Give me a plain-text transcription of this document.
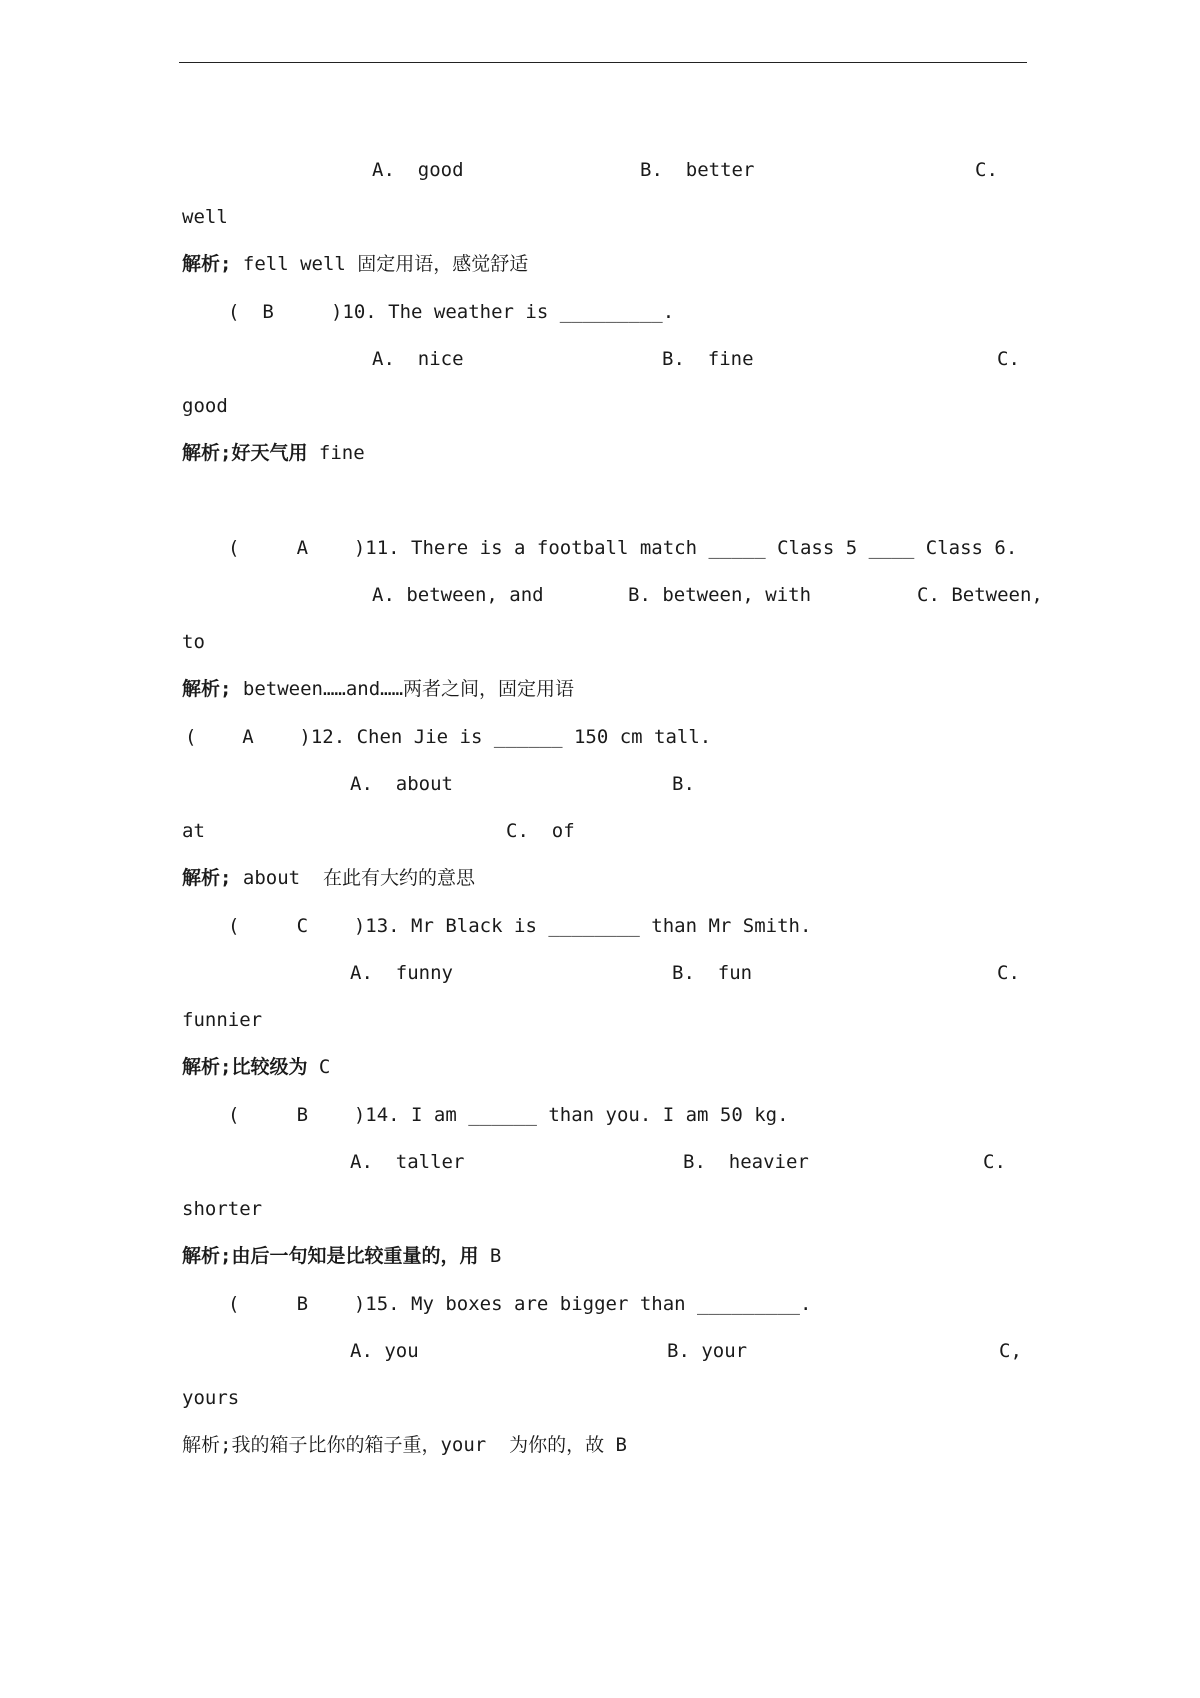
A.  good	B.  better	C.
well
解析; fell well 固定用语，感觉舒适
(  B     )10. The weather is _________.
A.  nice	B.  fine	C.
good
解析;好天气用 fine
(     A    )11. There is a football match _____ Class 5 ____ Class 6.
A. between, and	B. between, with	C. Between,
to
解析; between……and……两者之间，固定用语
(    A    )12. Chen Jie is ______ 150 cm tall.
A.  about	B.
at	C.  of
解析; about  在此有大约的意思
(     C    )13. Mr Black is ________ than Mr Smith.
A.  funny	B.  fun	C.
funnier
解析;比较级为 C
(     B    )14. I am ______ than you. I am 50 kg.
A.  taller	B.  heavier	C.
shorter
解析;由后一句知是比较重量的，用 B
(     B    )15. My boxes are bigger than _________.
A. you	B. your	C,
yours
解析;我的箱子比你的箱子重，your  为你的，故 B
